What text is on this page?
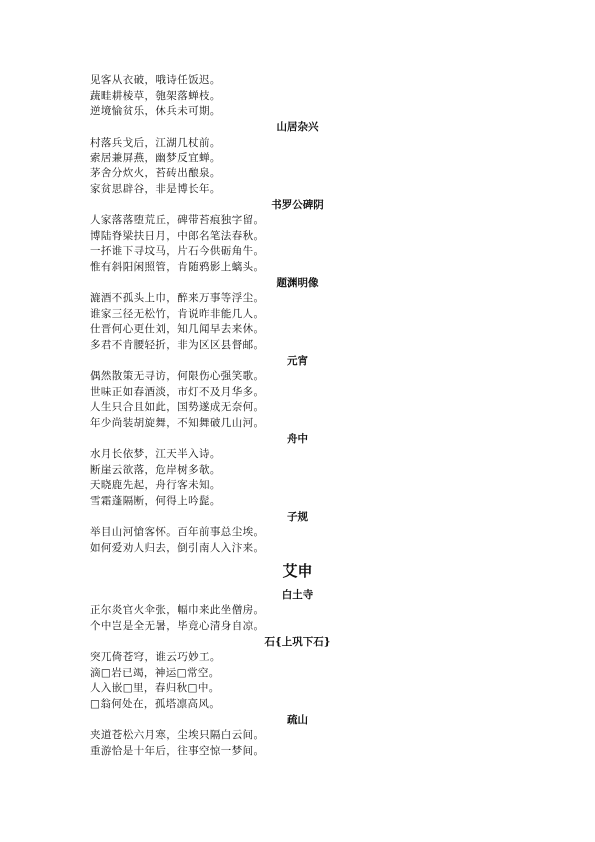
见客从衣破，哦诗任饭迟。
蔬畦耕棱草，匏架落蝉枝。
逆境愉贫乐，休兵未可期。
山居杂兴
村落兵戈后，江湖几杖前。
索居兼屏燕，幽梦反宜蝉。
茅舍分炊火，苔砖出酿泉。
家贫思辟谷，非是博长年。
书罗公碑阴
人家落落堕荒丘，碑带苔痕独字留。
博陆脊梁扶日月，中郎名笔法春秋。
一抔谁下寻坟马，片石今供砺角牛。
惟有斜阳闲照管，肯随鸦影上螭头。
题渊明像
漉酒不孤头上巾，醉来万事等浮尘。
谁家三径无松竹，肯说昨非能几人。
仕晋何心更仕刘，知几闻早去来休。
多君不肯腰轻折，非为区区县督邮。
元宵
偶然散策无寻访，何限伤心强笑歌。
世味正如春酒淡，市灯不及月华多。
人生只合且如此，国势遂成无奈何。
年少尚装胡旋舞，不知舞破几山河。
舟中
水月长依梦，江天半入诗。
断崖云欲落，危岸树多欹。
天晓鹿先起，舟行客未知。
雪霜蓬隔断，何得上吟髭。
子规
举目山河愴客怀。百年前事总尘埃。
如何爱劝人归去，倒引南人入汴来。
艾申
白土寺
正尔炎官火伞张，幅巾来此坐僧房。
个中岂是全无暑，毕竟心清身自凉。
石{上巩下石}
突兀倚苍穹，谁云巧妙工。
滴□岩已竭，神运□常空。
人入嵌□里，春归秋□中。
□翁何处在，孤塔凛高风。
疏山
夹道苍松六月寒，尘埃只隔白云间。
重游恰是十年后，往事空惊一梦间。
